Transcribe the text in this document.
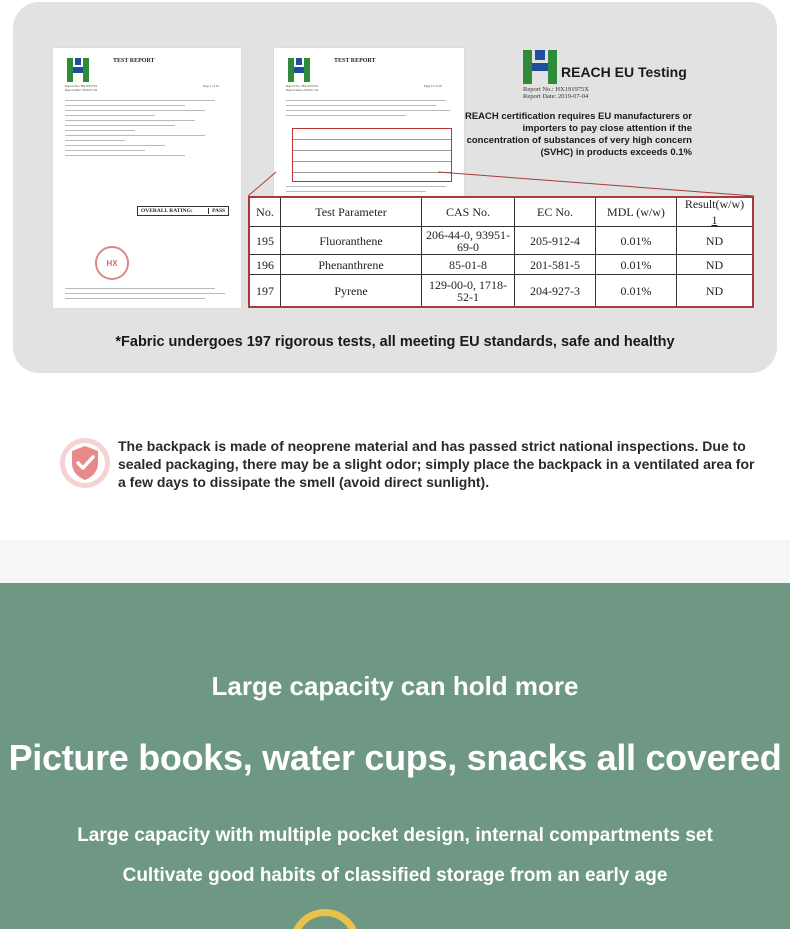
TEST REPORT
Report No.: HX191975X
Report Date: 2019-07-04
Page 1 of 19
OVERALL RATING:	PASS
HX
TEST REPORT
Report No.: HX191975X
Report Date: 2019-07-04
Page 15 of 19
REACH EU Testing
Report No.: HX191975X
Report Date: 2019-07-04
REACH certification requires EU manufacturers or importers to pay close attention if the concentration of substances of very high concern (SVHC) in products exceeds 0.1%
No.	Test Parameter	CAS No.	EC No.	MDL (w/w)	Result(w/w)
1

195	Fluoranthene	206-44-0, 93951-69-0	205-912-4	0.01%	ND
196	Phenanthrene	85-01-8	201-581-5	0.01%	ND
197	Pyrene	129-00-0, 1718-52-1	204-927-3	0.01%	ND
*Fabric undergoes 197 rigorous tests, all meeting EU standards, safe and healthy
The backpack is made of neoprene material and has passed strict national inspections. Due to sealed packaging, there may be a slight odor; simply place the backpack in a ventilated area for a few days to dissipate the smell (avoid direct sunlight).
Large capacity can hold more
Picture books, water cups, snacks all covered
Large capacity with multiple pocket design, internal compartments set
Cultivate good habits of classified storage from an early age
